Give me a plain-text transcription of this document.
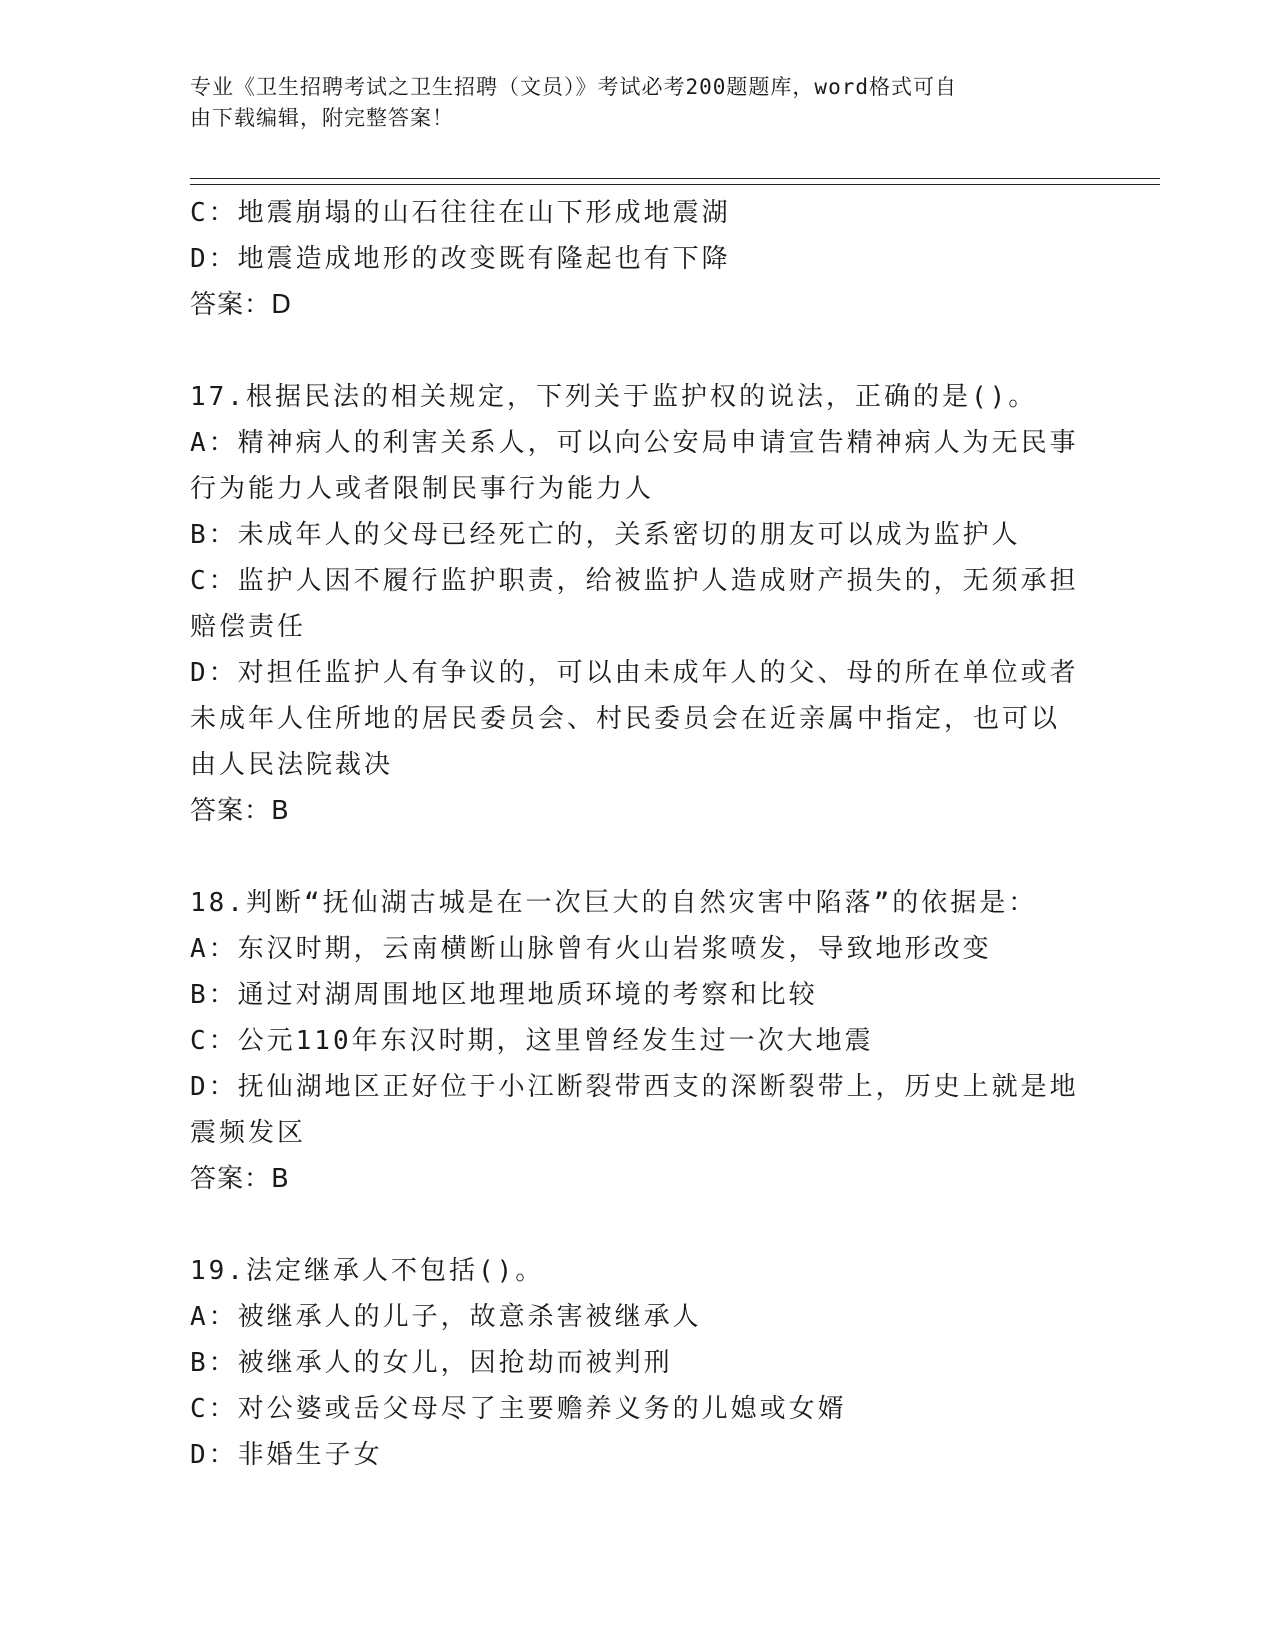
专业《卫生招聘考试之卫生招聘（文员）》考试必考200题题库，word格式可自
由下载编辑，附完整答案！
C：地震崩塌的山石往往在山下形成地震湖
D：地震造成地形的改变既有隆起也有下降
答案：D
17.根据民法的相关规定，下列关于监护权的说法，正确的是()。
A：精神病人的利害关系人，可以向公安局申请宣告精神病人为无民事
行为能力人或者限制民事行为能力人
B：未成年人的父母已经死亡的，关系密切的朋友可以成为监护人
C：监护人因不履行监护职责，给被监护人造成财产损失的，无须承担
赔偿责任
D：对担任监护人有争议的，可以由未成年人的父、母的所在单位或者
未成年人住所地的居民委员会、村民委员会在近亲属中指定，也可以
由人民法院裁决
答案：B
18.判断“抚仙湖古城是在一次巨大的自然灾害中陷落”的依据是：
A：东汉时期，云南横断山脉曾有火山岩浆喷发，导致地形改变
B：通过对湖周围地区地理地质环境的考察和比较
C：公元110年东汉时期，这里曾经发生过一次大地震
D：抚仙湖地区正好位于小江断裂带西支的深断裂带上，历史上就是地
震频发区
答案：B
19.法定继承人不包括()。
A：被继承人的儿子，故意杀害被继承人
B：被继承人的女儿，因抢劫而被判刑
C：对公婆或岳父母尽了主要赡养义务的儿媳或女婿
D：非婚生子女
